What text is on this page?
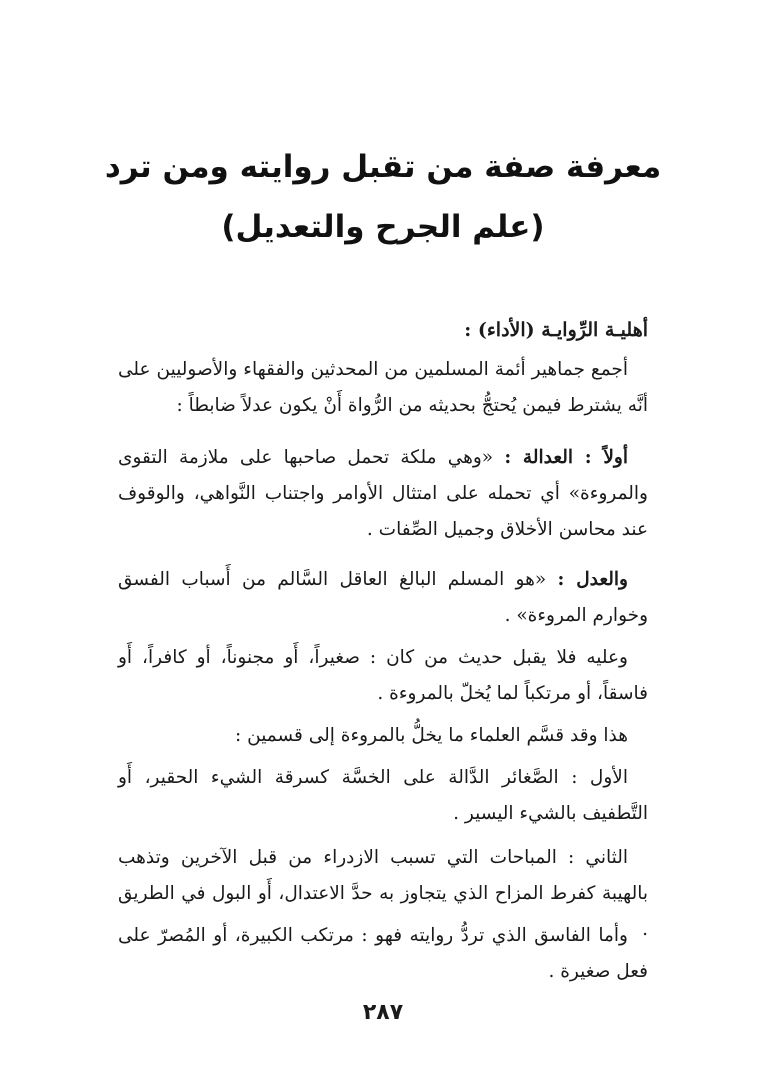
معرفة صفة من تقبل روايته ومن ترد
(علم الجرح والتعديل)
أهليـة الرِّوايـة (الأداء) :

أجمع جماهير أئمة المسلمين من المحدثين والفقهاء والأصوليين على أنَّه يشترط فيمن يُحتجُّ بحديثه من الرُّواة أَنْ يكون عدلاً ضابطاً :

أولاً : العدالة : «وهي ملكة تحمل صاحبها على ملازمة التقوى والمروءة» أي تحمله على امتثال الأوامر واجتناب النَّواهي، والوقوف عند محاسن الأخلاق وجميل الصِّفات .

والعدل : «هو المسلم البالغ العاقل السَّالم من أَسباب الفسق وخوارم المروءة» .

وعليه فلا يقبل حديث من كان : صغيراً، أَو مجنوناً، أو كافراً، أَو فاسقاً، أو مرتكباً لما يُخلّ بالمروءة .

هذا وقد قسَّم العلماء ما يخلُّ بالمروءة إلى قسمين :

الأول : الصَّغائر الدَّالة على الخسَّة كسرقة الشيء الحقير، أَو التَّطفيف بالشيء اليسير .

الثاني : المباحات التي تسبب الازدراء من قبل الآخرين وتذهب بالهيبة كفرط المزاح الذي يتجاوز به حدَّ الاعتدال، أَو البول في الطريق .

وأما الفاسق الذي تردُّ روايته فهو : مرتكب الكبيرة، أو المُصرّ على فعل صغيرة .

٢٨٧
